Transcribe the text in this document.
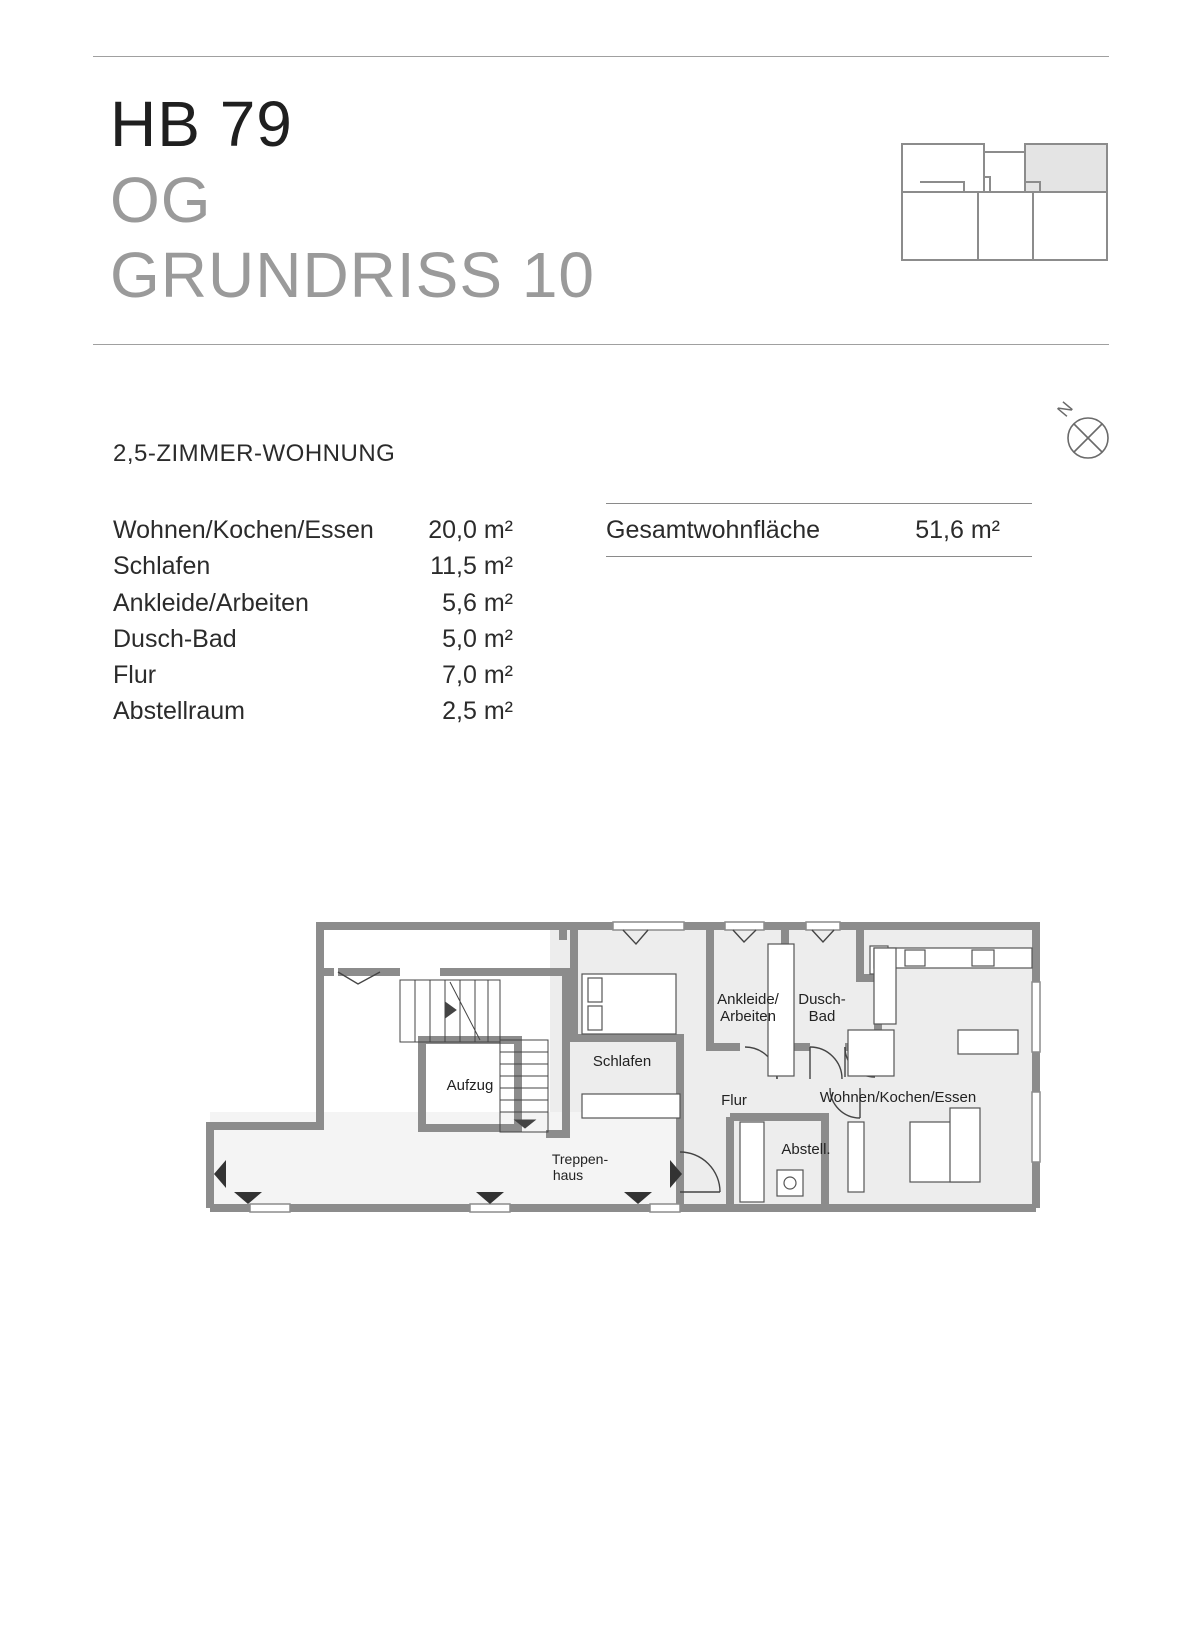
HB 79
OG
GRUNDRISS 10
N
2,5-ZIMMER-WOHNUNG
Wohnen/Kochen/Essen 20,0 m²
Schlafen	11,5 m²
Ankleide/Arbeiten	5,6 m²
Dusch-Bad	5,0 m²
Flur	7,0 m²
Abstellraum	2,5 m²
Gesamtwohnfläche	51,6 m²
Schlafen
Ankleide/
Arbeiten
Dusch-
Bad
Wohnen/Kochen/Essen
Flur
Abstell.
Aufzug
Treppen-
haus
